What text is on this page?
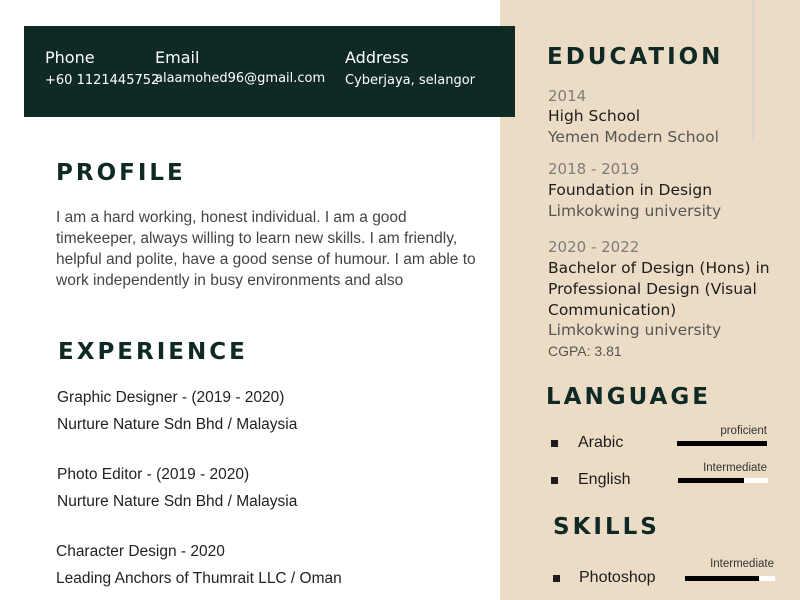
Phone
+60 1121445752
Email
alaamohed96@gmail.com
Address
Cyberjaya, selangor
PROFILE
I am a hard working, honest individual. I am a good timekeeper, always willing to learn new skills. I am friendly, helpful and polite, have a good sense of humour. I am able to work independently in busy environments and also
EXPERIENCE
Graphic Designer - (2019 - 2020)
Nurture Nature Sdn Bhd / Malaysia
Photo Editor - (2019 - 2020)
Nurture Nature Sdn Bhd / Malaysia
Character Design - 2020
Leading Anchors of Thumrait LLC / Oman
EDUCATION
2014
High School
Yemen Modern School
2018 - 2019
Foundation in Design
Limkokwing university
2020 - 2022
Bachelor of Design (Hons) in Professional Design (Visual Communication)
Limkokwing university
CGPA: 3.81
LANGUAGE
proficient
Arabic
Intermediate
English
SKILLS
Intermediate
Photoshop
